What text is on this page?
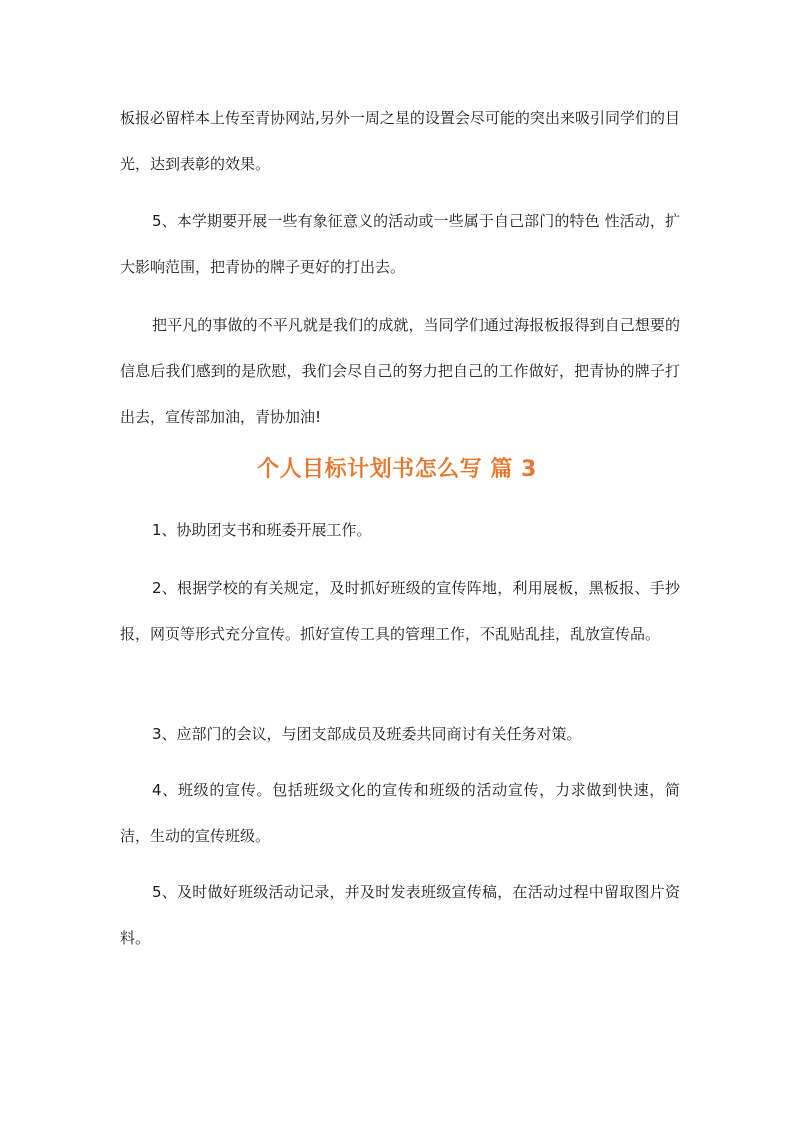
板报必留样本上传至青协网站,另外一周之星的设置会尽可能的突出来吸引同学们的目光，达到表彰的效果。

5、本学期要开展一些有象征意义的活动或一些属于自己部门的特色 性活动，扩大影响范围，把青协的牌子更好的打出去。

把平凡的事做的不平凡就是我们的成就，当同学们通过海报板报得到自己想要的信息后我们感到的是欣慰，我们会尽自己的努力把自己的工作做好，把青协的牌子打出去，宣传部加油，青协加油!

个人目标计划书怎么写 篇 3

1、协助团支书和班委开展工作。

2、根据学校的有关规定，及时抓好班级的宣传阵地，利用展板，黑板报、手抄报，网页等形式充分宣传。抓好宣传工具的管理工作，不乱贴乱挂，乱放宣传品。

3、应部门的会议，与团支部成员及班委共同商讨有关任务对策。

4、班级的宣传。包括班级文化的宣传和班级的活动宣传，力求做到快速，简洁，生动的宣传班级。

5、及时做好班级活动记录，并及时发表班级宣传稿，在活动过程中留取图片资料。
